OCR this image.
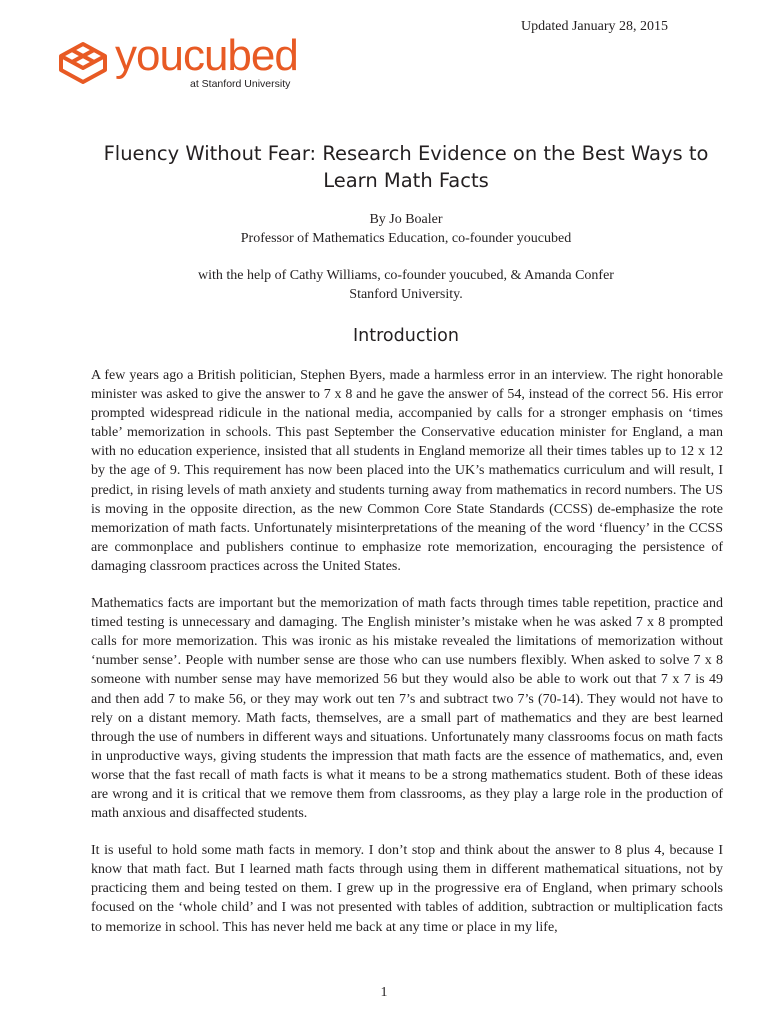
Updated January 28, 2015
youcubed
at Stanford University
Fluency Without Fear: Research Evidence on the Best Ways to Learn Math Facts
By Jo Boaler
Professor of Mathematics Education, co-founder youcubed
with the help of Cathy Williams, co-founder youcubed, & Amanda Confer
Stanford University.
Introduction

A few years ago a British politician, Stephen Byers, made a harmless error in an interview. The right honorable minister was asked to give the answer to 7 x 8 and he gave the answer of 54, instead of the correct 56. His error prompted widespread ridicule in the national media, accompanied by calls for a stronger emphasis on ‘times table’ memorization in schools. This past September the Conservative education minister for England, a man with no education experience, insisted that all students in England memorize all their times tables up to 12 x 12 by the age of 9. This requirement has now been placed into the UK’s mathematics curriculum and will result, I predict, in rising levels of math anxiety and students turning away from mathematics in record numbers. The US is moving in the opposite direction, as the new Common Core State Standards (CCSS) de-emphasize the rote memorization of math facts. Unfortunately misinterpretations of the meaning of the word ‘fluency’ in the CCSS are commonplace and publishers continue to emphasize rote memorization, encouraging the persistence of damaging classroom practices across the United States.

Mathematics facts are important but the memorization of math facts through times table repetition, practice and timed testing is unnecessary and damaging. The English minister’s mistake when he was asked 7 x 8 prompted calls for more memorization. This was ironic as his mistake revealed the limitations of memorization without ‘number sense’. People with number sense are those who can use numbers flexibly. When asked to solve 7 x 8 someone with number sense may have memorized 56 but they would also be able to work out that 7 x 7 is 49 and then add 7 to make 56, or they may work out ten 7’s and subtract two 7’s (70-14). They would not have to rely on a distant memory. Math facts, themselves, are a small part of mathematics and they are best learned through the use of numbers in different ways and situations. Unfortunately many classrooms focus on math facts in unproductive ways, giving students the impression that math facts are the essence of mathematics, and, even worse that the fast recall of math facts is what it means to be a strong mathematics student. Both of these ideas are wrong and it is critical that we remove them from classrooms, as they play a large role in the production of math anxious and disaffected students.

It is useful to hold some math facts in memory. I don’t stop and think about the answer to 8 plus 4, because I know that math fact. But I learned math facts through using them in different mathematical situations, not by practicing them and being tested on them. I grew up in the progressive era of England, when primary schools focused on the ‘whole child’ and I was not presented with tables of addition, subtraction or multiplication facts to memorize in school. This has never held me back at any time or place in my life,

1
